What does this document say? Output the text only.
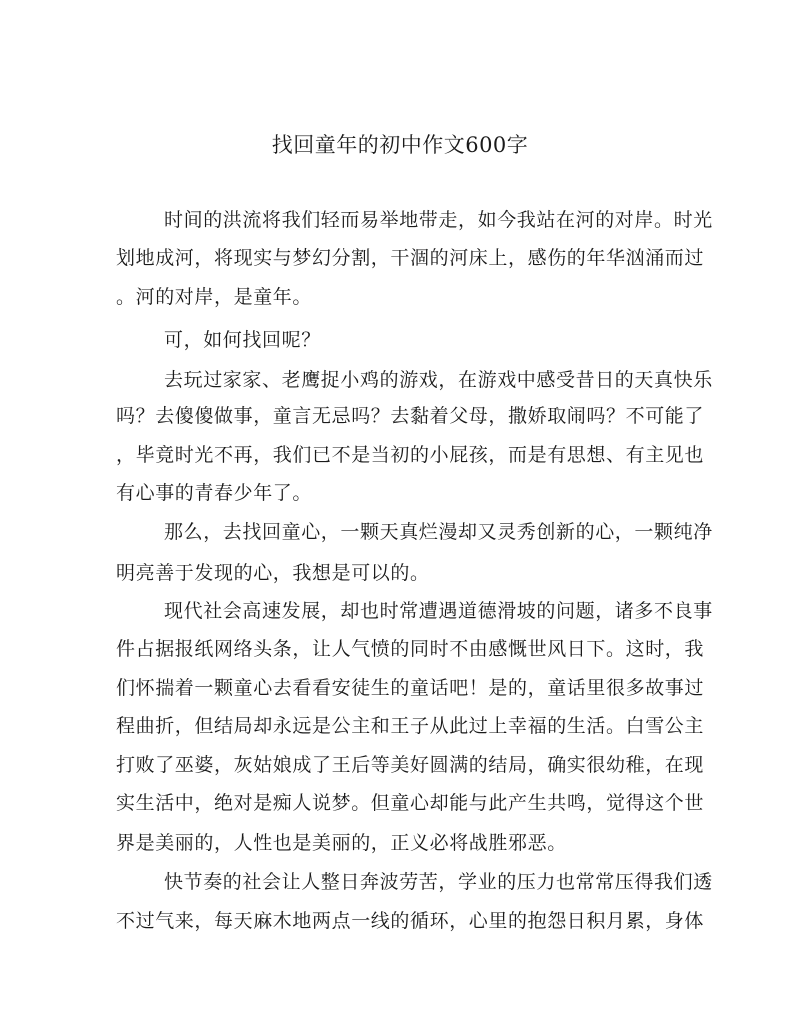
找回童年的初中作文600字
时间的洪流将我们轻而易举地带走，如今我站在河的对岸。时光
划地成河，将现实与梦幻分割，干涸的河床上，感伤的年华汹涌而过
。河的对岸，是童年。
可，如何找回呢？
去玩过家家、老鹰捉小鸡的游戏，在游戏中感受昔日的天真快乐
吗？去傻傻做事，童言无忌吗？去黏着父母，撒娇取闹吗？不可能了
，毕竟时光不再，我们已不是当初的小屁孩，而是有思想、有主见也
有心事的青春少年了。
那么，去找回童心，一颗天真烂漫却又灵秀创新的心，一颗纯净
明亮善于发现的心，我想是可以的。
现代社会高速发展，却也时常遭遇道德滑坡的问题，诸多不良事
件占据报纸网络头条，让人气愤的同时不由感慨世风日下。这时，我
们怀揣着一颗童心去看看安徒生的童话吧！是的，童话里很多故事过
程曲折，但结局却永远是公主和王子从此过上幸福的生活。白雪公主
打败了巫婆，灰姑娘成了王后等美好圆满的结局，确实很幼稚，在现
实生活中，绝对是痴人说梦。但童心却能与此产生共鸣，觉得这个世
界是美丽的，人性也是美丽的，正义必将战胜邪恶。
快节奏的社会让人整日奔波劳苦，学业的压力也常常压得我们透
不过气来，每天麻木地两点一线的循环，心里的抱怨日积月累，身体
